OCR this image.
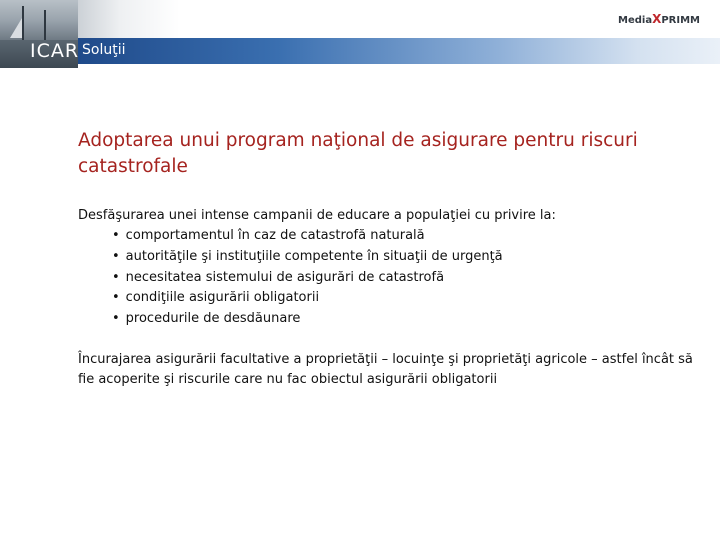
ICAR Soluţii
MediaXPRIMM
Adoptarea unui program naţional de asigurare pentru riscuri catastrofale
Desfăşurarea unei intense campanii de educare a populaţiei cu privire la:
• comportamentul în caz de catastrofă naturală
• autorităţile şi instituţiile competente în situaţii de urgenţă
• necesitatea sistemului de asigurări de catastrofă
• condiţiile asigurării obligatorii
• procedurile de desdăunare
Încurajarea asigurării facultative a proprietăţii – locuinţe şi proprietăţi agricole – astfel încât să fie acoperite şi riscurile care nu fac obiectul asigurării obligatorii
